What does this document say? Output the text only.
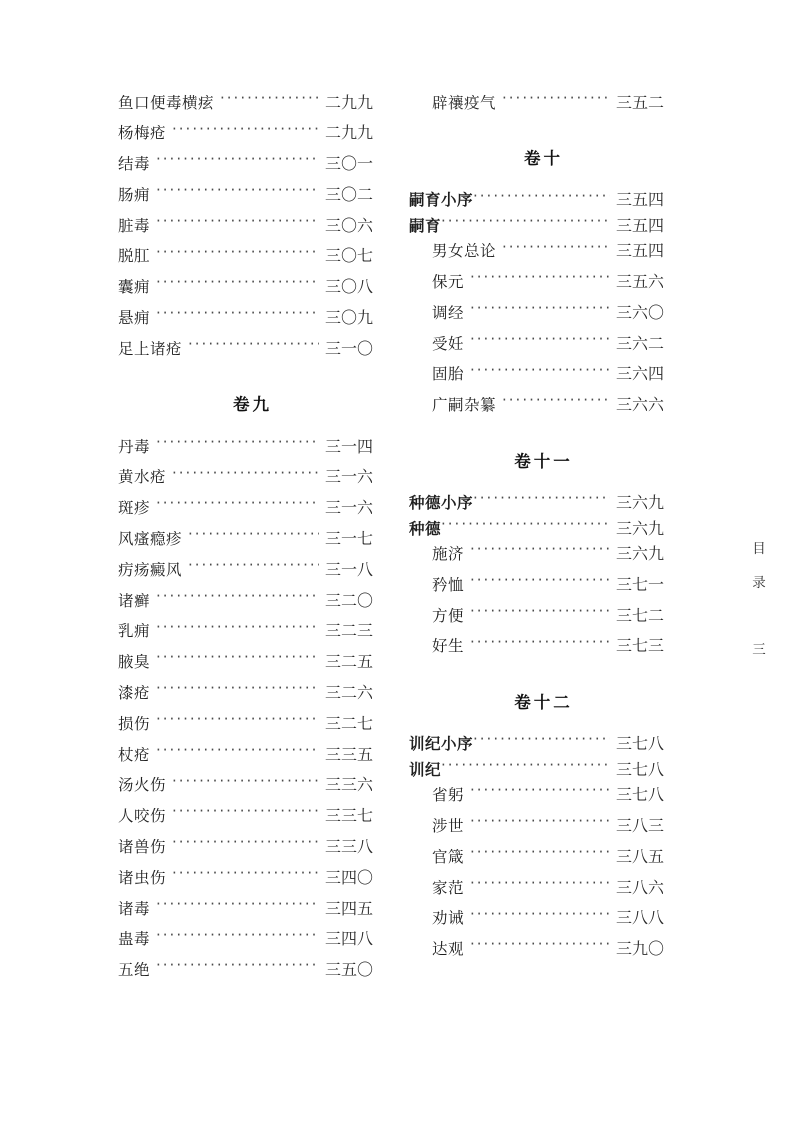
鱼口便毒横痃 ·····	二九九
杨梅疮 ·····	二九九
结毒 ·····	三〇一
肠痈 ·····	三〇二
脏毒 ·····	三〇六
脱肛 ·····	三〇七
囊痈 ·····	三〇八
悬痈 ·····	三〇九
足上诸疮 ·····	三一〇
卷九
丹毒 ·····	三一四
黄水疮 ·····	三一六
斑疹 ·····	三一六
风瘙瘾疹 ·····	三一七
疠疡癜风 ·····	三一八
诸癣 ·····	三二〇
乳痈 ·····	三二三
腋臭 ·····	三二五
漆疮 ·····	三二六
损伤 ·····	三二七
杖疮 ·····	三三五
汤火伤 ·····	三三六
人咬伤 ·····	三三七
诸兽伤 ·····	三三八
诸虫伤 ·····	三四〇
诸毒 ·····	三四五
蛊毒 ·····	三四八
五绝 ·····	三五〇
辟禳疫气 ·····	三五二
卷十
嗣育小序 ·····	三五四
嗣育 ·····	三五四
男女总论 ·····	三五四
保元 ·····	三五六
调经 ·····	三六〇
受妊 ·····	三六二
固胎 ·····	三六四
广嗣杂纂 ·····	三六六
卷十一
种德小序 ·····	三六九
种德 ·····	三六九
施济 ·····	三六九
矜恤 ·····	三七一
方便 ·····	三七二
好生 ·····	三七三
卷十二
训纪小序 ·····	三七八
训纪 ·····	三七八
省躬 ·····	三七八
涉世 ·····	三八三
官箴 ·····	三八五
家范 ·····	三八六
劝诫 ·····	三八八
达观 ·····	三九〇
目
录
三
